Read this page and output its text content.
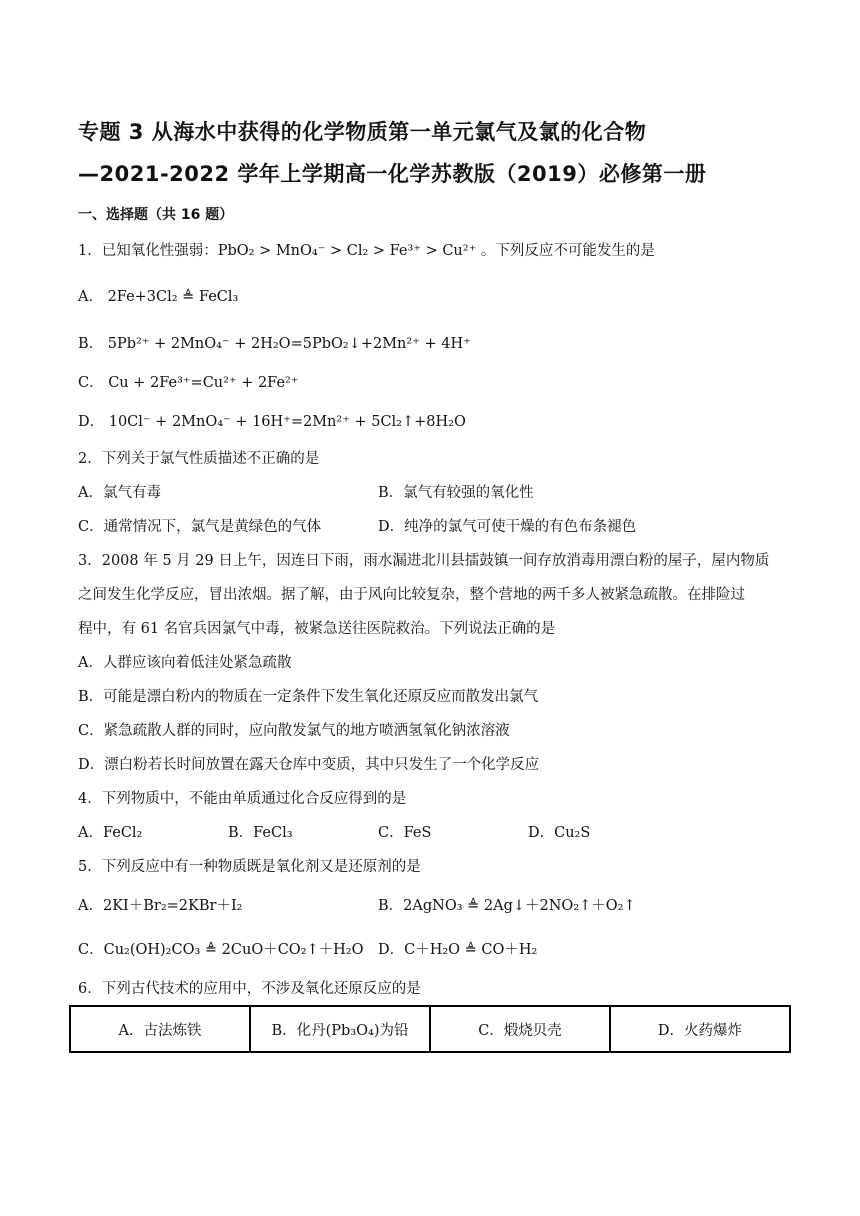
专题 3 从海水中获得的化学物质第一单元氯气及氯的化合物
—2021-2022 学年上学期高一化学苏教版（2019）必修第一册
一、选择题（共 16 题）
1．已知氧化性强弱：PbO₂ > MnO₄⁻ > Cl₂ > Fe³⁺ > Cu²⁺ 。下列反应不可能发生的是
A． 2Fe+3Cl₂ ≜ FeCl₃
B． 5Pb²⁺ + 2MnO₄⁻ + 2H₂O=5PbO₂↓+2Mn²⁺ + 4H⁺
C． Cu + 2Fe³⁺=Cu²⁺ + 2Fe²⁺
D． 10Cl⁻ + 2MnO₄⁻ + 16H⁺=2Mn²⁺ + 5Cl₂↑+8H₂O
2．下列关于氯气性质描述不正确的是
A．氯气有毒	B．氯气有较强的氧化性
C．通常情况下，氯气是黄绿色的气体	D．纯净的氯气可使干燥的有色布条褪色
3．2008 年 5 月 29 日上午，因连日下雨，雨水漏进北川县擂鼓镇一间存放消毒用漂白粉的屋子，屋内物质
之间发生化学反应，冒出浓烟。据了解，由于风向比较复杂，整个营地的两千多人被紧急疏散。在排险过
程中，有 61 名官兵因氯气中毒，被紧急送往医院救治。下列说法正确的是
A．人群应该向着低洼处紧急疏散
B．可能是漂白粉内的物质在一定条件下发生氧化还原反应而散发出氯气
C．紧急疏散人群的同时，应向散发氯气的地方喷洒氢氧化钠浓溶液
D．漂白粉若长时间放置在露天仓库中变质，其中只发生了一个化学反应
4．下列物质中，不能由单质通过化合反应得到的是
A．FeCl₂	B．FeCl₃	C．FeS	D．Cu₂S
5．下列反应中有一种物质既是氧化剂又是还原剂的是
A．2KI＋Br₂=2KBr＋I₂	B．2AgNO₃ ≜ 2Ag↓＋2NO₂↑＋O₂↑
C．Cu₂(OH)₂CO₃ ≜ 2CuO＋CO₂↑＋H₂O D．C＋H₂O ≜ CO＋H₂
6．下列古代技术的应用中，不涉及氧化还原反应的是
A．古法炼铁	B．化丹(Pb₃O₄)为铅	C．煅烧贝壳	D．火药爆炸
